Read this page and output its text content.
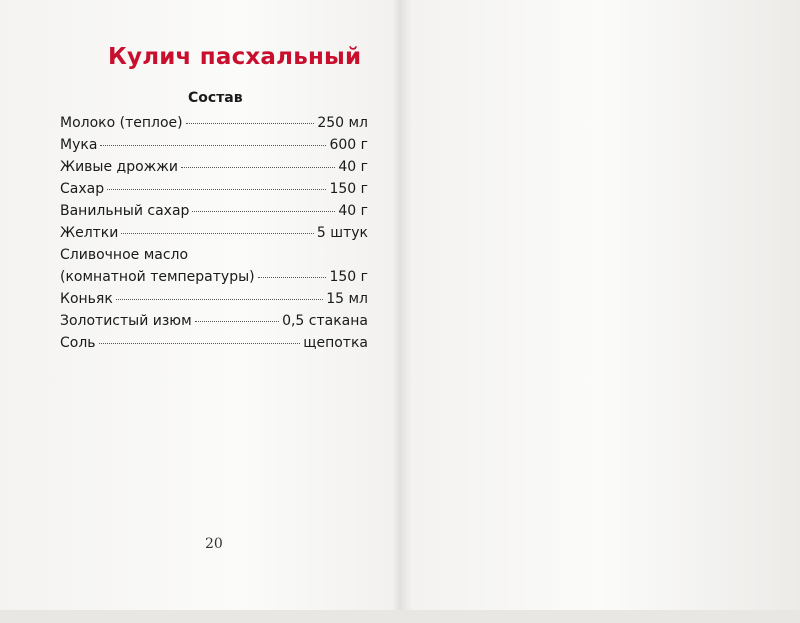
Кулич пасхальный
Состав
Молоко (теплое)	250 мл
Мука	600 г
Живые дрожжи	40 г
Сахар	150 г
Ванильный сахар	40 г
Желтки	5 штук
Сливочное масло
(комнатной температуры)	150 г
Коньяк	15 мл
Золотистый изюм	0,5 стакана
Соль	щепотка
20
